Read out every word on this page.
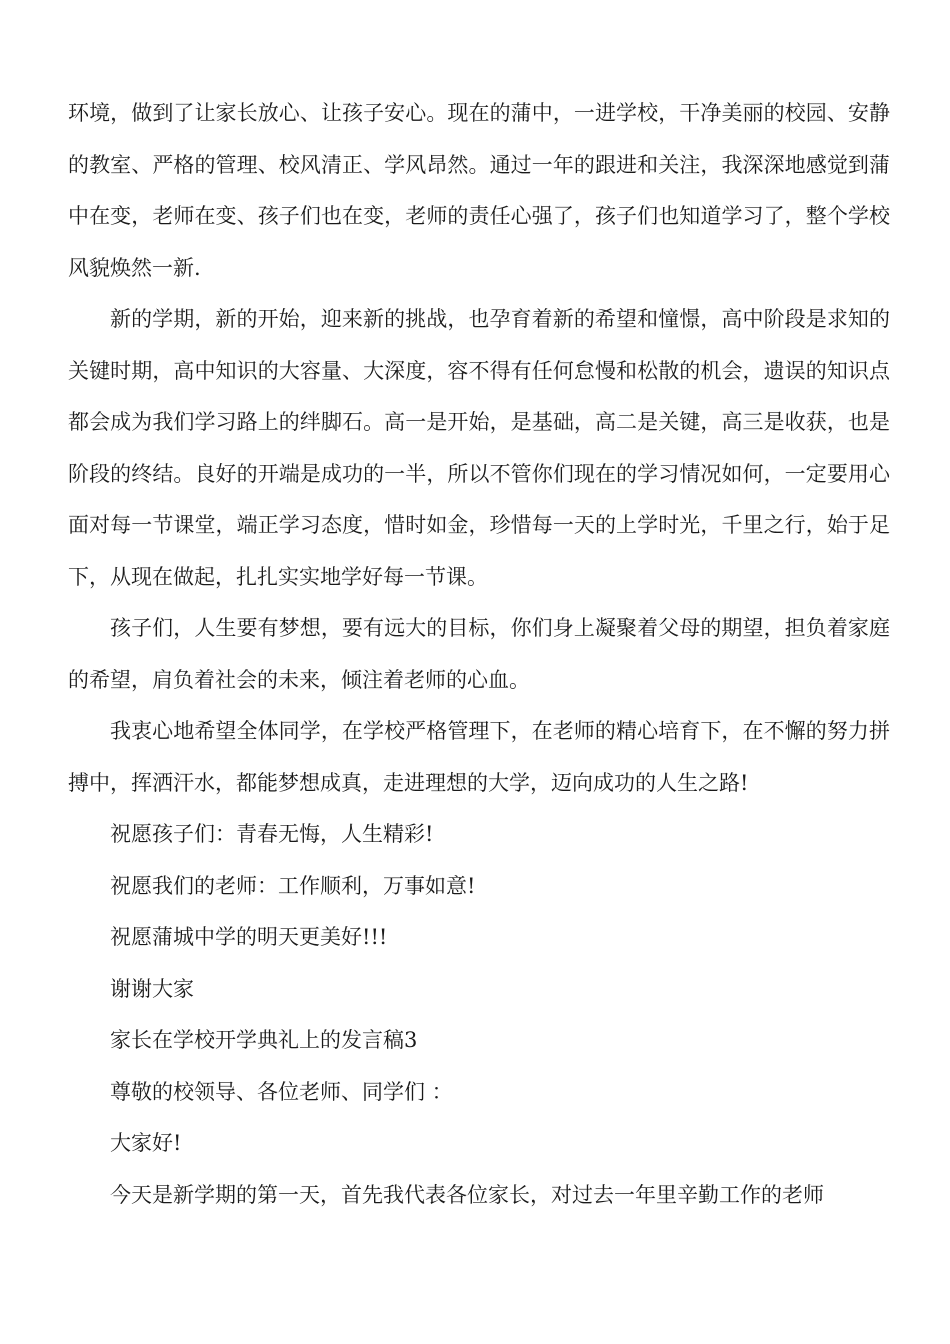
环境，做到了让家长放心、让孩子安心。现在的蒲中，一进学校，干净美丽的校园、安静的教室、严格的管理、校风清正、学风昂然。通过一年的跟进和关注，我深深地感觉到蒲中在变，老师在变、孩子们也在变，老师的责任心强了，孩子们也知道学习了，整个学校风貌焕然一新.

新的学期，新的开始，迎来新的挑战，也孕育着新的希望和憧憬，高中阶段是求知的关键时期，高中知识的大容量、大深度，容不得有任何怠慢和松散的机会，遗误的知识点都会成为我们学习路上的绊脚石。高一是开始，是基础，高二是关键，高三是收获，也是阶段的终结。良好的开端是成功的一半，所以不管你们现在的学习情况如何，一定要用心面对每一节课堂，端正学习态度，惜时如金，珍惜每一天的上学时光，千里之行，始于足下，从现在做起，扎扎实实地学好每一节课。

孩子们，人生要有梦想，要有远大的目标，你们身上凝聚着父母的期望，担负着家庭的希望，肩负着社会的未来，倾注着老师的心血。

我衷心地希望全体同学，在学校严格管理下，在老师的精心培育下，在不懈的努力拼搏中，挥洒汗水，都能梦想成真，走进理想的大学，迈向成功的人生之路!

祝愿孩子们：青春无悔，人生精彩!

祝愿我们的老师：工作顺利，万事如意!

祝愿蒲城中学的明天更美好!!!

谢谢大家

家长在学校开学典礼上的发言稿3

尊敬的校领导、各位老师、同学们 ：

大家好!

今天是新学期的第一天，首先我代表各位家长，对过去一年里辛勤工作的老师
